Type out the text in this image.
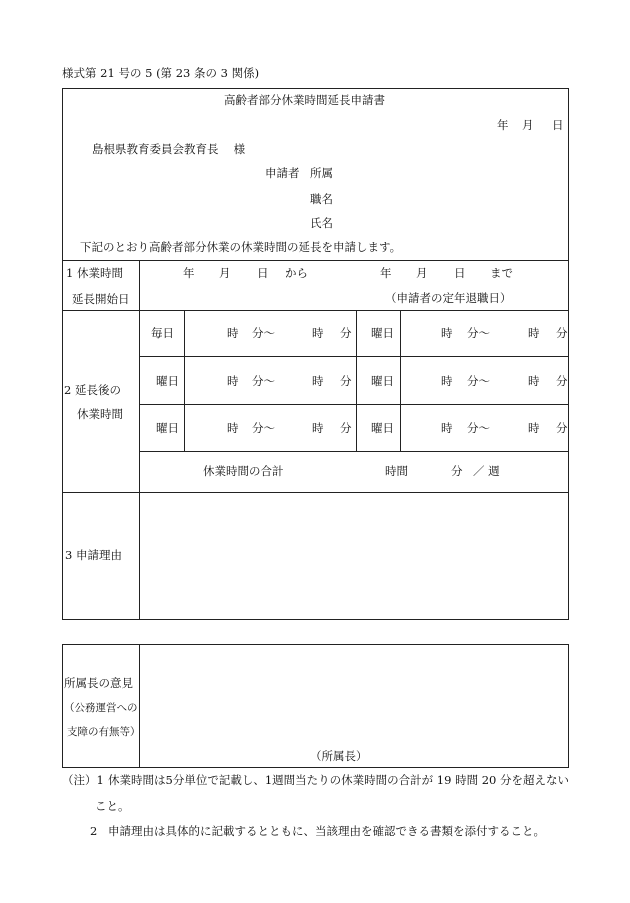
様式第 21 号の 5 (第 23 条の 3 関係)
高齢者部分休業時間延長申請書
年 月 日
島根県教育委員会教育長　 様
申請者 所属
職名
氏名
下記のとおり高齢者部分休業の休業時間の延長を申請します。
1 休業時間
延長開始日
年 月 日 から	年 月 日 まで
（申請者の定年退職日）
2 延長後の
休業時間
毎日	時 分～	時 分 曜日	時 分～	時 分
曜日	時 分～	時 分 曜日	時 分～	時 分
曜日	時 分～	時 分 曜日	時 分～	時 分
休業時間の合計	時間	分 ／ 週
3 申請理由
所属長の意見
（公務運営への
支障の有無等）
（所属長）
（注）1 休業時間は5分単位で記載し、1週間当たりの休業時間の合計が 19 時間 20 分を超えない
こと。
2 申請理由は具体的に記載するとともに、当該理由を確認できる書類を添付すること。
